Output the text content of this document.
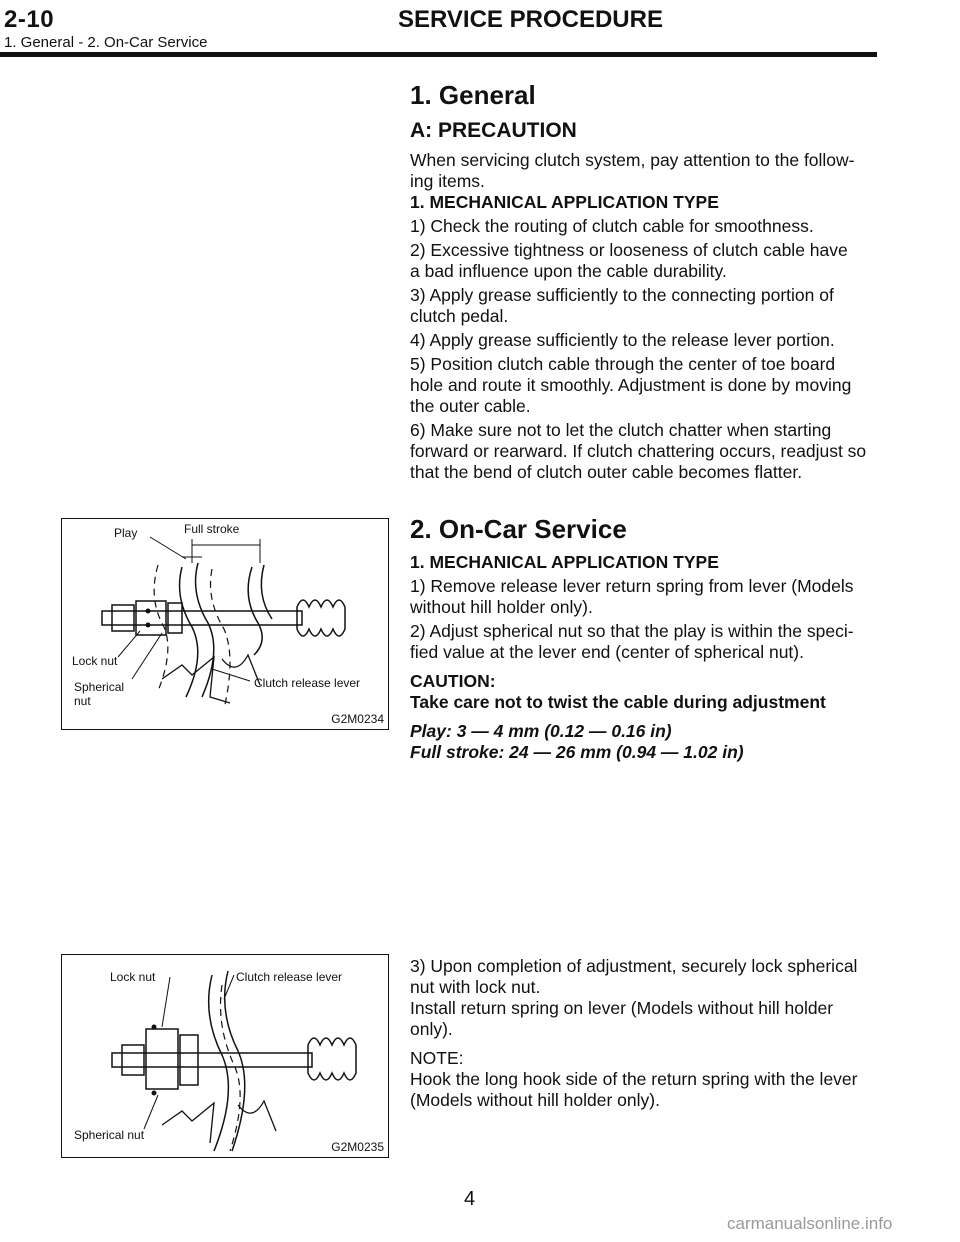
2-10	SERVICE PROCEDURE
1. General - 2. On-Car Service
1. General
A: PRECAUTION

When servicing clutch system, pay attention to the follow-

ing items.

1. MECHANICAL APPLICATION TYPE

1) Check the routing of clutch cable for smoothness.

2) Excessive tightness or looseness of clutch cable have

a bad influence upon the cable durability.

3) Apply grease sufficiently to the connecting portion of

clutch pedal.

4) Apply grease sufficiently to the release lever portion.

5) Position clutch cable through the center of toe board

hole and route it smoothly. Adjustment is done by moving

the outer cable.

6) Make sure not to let the clutch chatter when starting

forward or rearward. If clutch chattering occurs, readjust so

that the bend of clutch outer cable becomes flatter.

Play	Full stroke
Lock nut
Spherical
nut
Clutch release lever
G2M0234
2. On-Car Service

1. MECHANICAL APPLICATION TYPE

1) Remove release lever return spring from lever (Models

without hill holder only).

2) Adjust spherical nut so that the play is within the speci-

fied value at the lever end (center of spherical nut).

CAUTION:

Take care not to twist the cable during adjustment

Play: 3 — 4 mm (0.12 — 0.16 in)

Full stroke: 24 — 26 mm (0.94 — 1.02 in)

Lock nut	Clutch release lever
Spherical nut
G2M0235

3) Upon completion of adjustment, securely lock spherical

nut with lock nut.

Install return spring on lever (Models without hill holder

only).

NOTE:

Hook the long hook side of the return spring with the lever

(Models without hill holder only).

4
carmanualsonline.info
